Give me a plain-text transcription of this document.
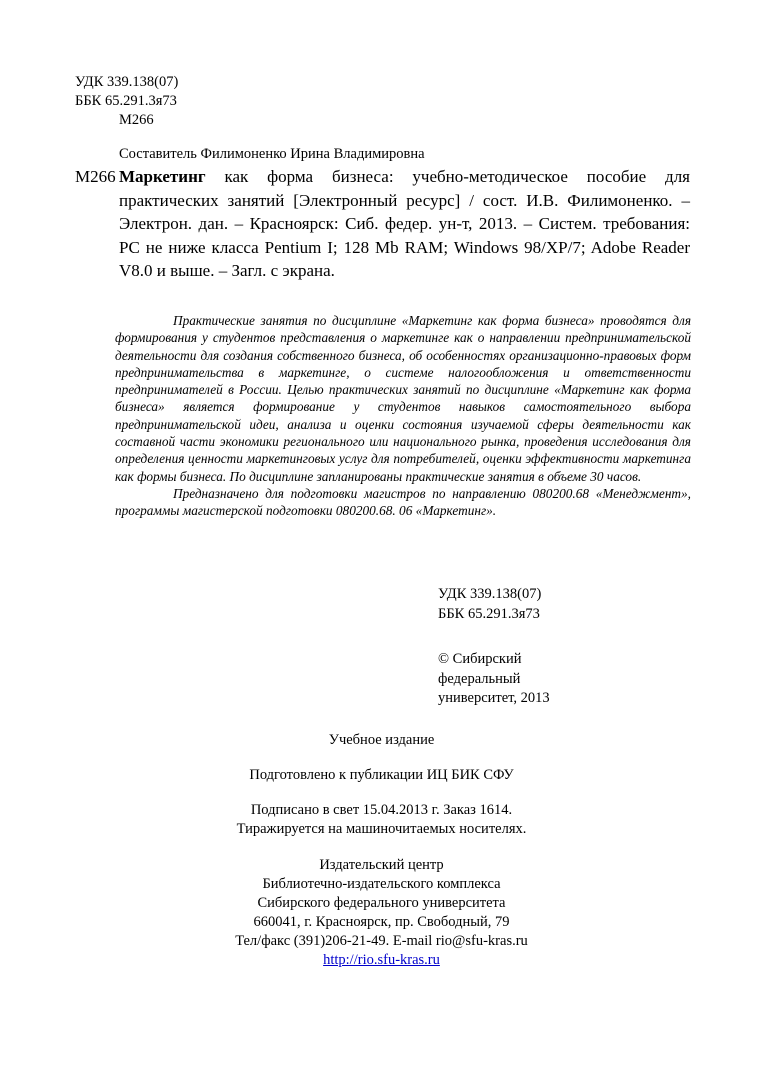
УДК 339.138(07)
ББК 65.291.3я73
М266
Составитель Филимоненко Ирина Владимировна
М266 Маркетинг как форма бизнеса: учебно-методическое пособие для практических занятий [Электронный ресурс] / сост. И.В. Филимоненко. – Электрон. дан. – Красноярск: Сиб. федер. ун-т, 2013. – Систем. требования: PC не ниже класса Pentium I; 128 Mb RAM; Windows 98/XP/7; Adobe Reader V8.0 и выше. – Загл. с экрана.

Практические занятия по дисциплине «Маркетинг как форма бизнеса» проводятся для формирования у студентов представления о маркетинге как о направлении предпринимательской деятельности для создания собственного бизнеса, об особенностях организационно-правовых форм предпринимательства в маркетинге, о системе налогообложения и ответственности предпринимателей в России. Целью практических занятий по дисциплине «Маркетинг как форма бизнеса» является формирование у студентов навыков самостоятельного выбора предпринимательской идеи, анализа и оценки состояния изучаемой сферы деятельности как составной части экономики регионального или национального рынка, проведения исследования для определения ценности маркетинговых услуг для потребителей, оценки эффективности маркетинга как формы бизнеса. По дисциплине запланированы практические занятия в объеме 30 часов.

Предназначено для подготовки магистров по направлению 080200.68 «Менеджмент», программы магистерской подготовки 080200.68. 06 «Маркетинг».

УДК 339.138(07)
ББК 65.291.3я73
© Сибирский
федеральный
университет, 2013
Учебное издание
Подготовлено к публикации ИЦ БИК СФУ
Подписано в свет 15.04.2013 г. Заказ 1614.
Тиражируется на машиночитаемых носителях.
Издательский центр
Библиотечно-издательского комплекса
Сибирского федерального университета
660041, г. Красноярск, пр. Свободный, 79
Тел/факс (391)206-21-49. E-mail rio@sfu-kras.ru
http://rio.sfu-kras.ru
